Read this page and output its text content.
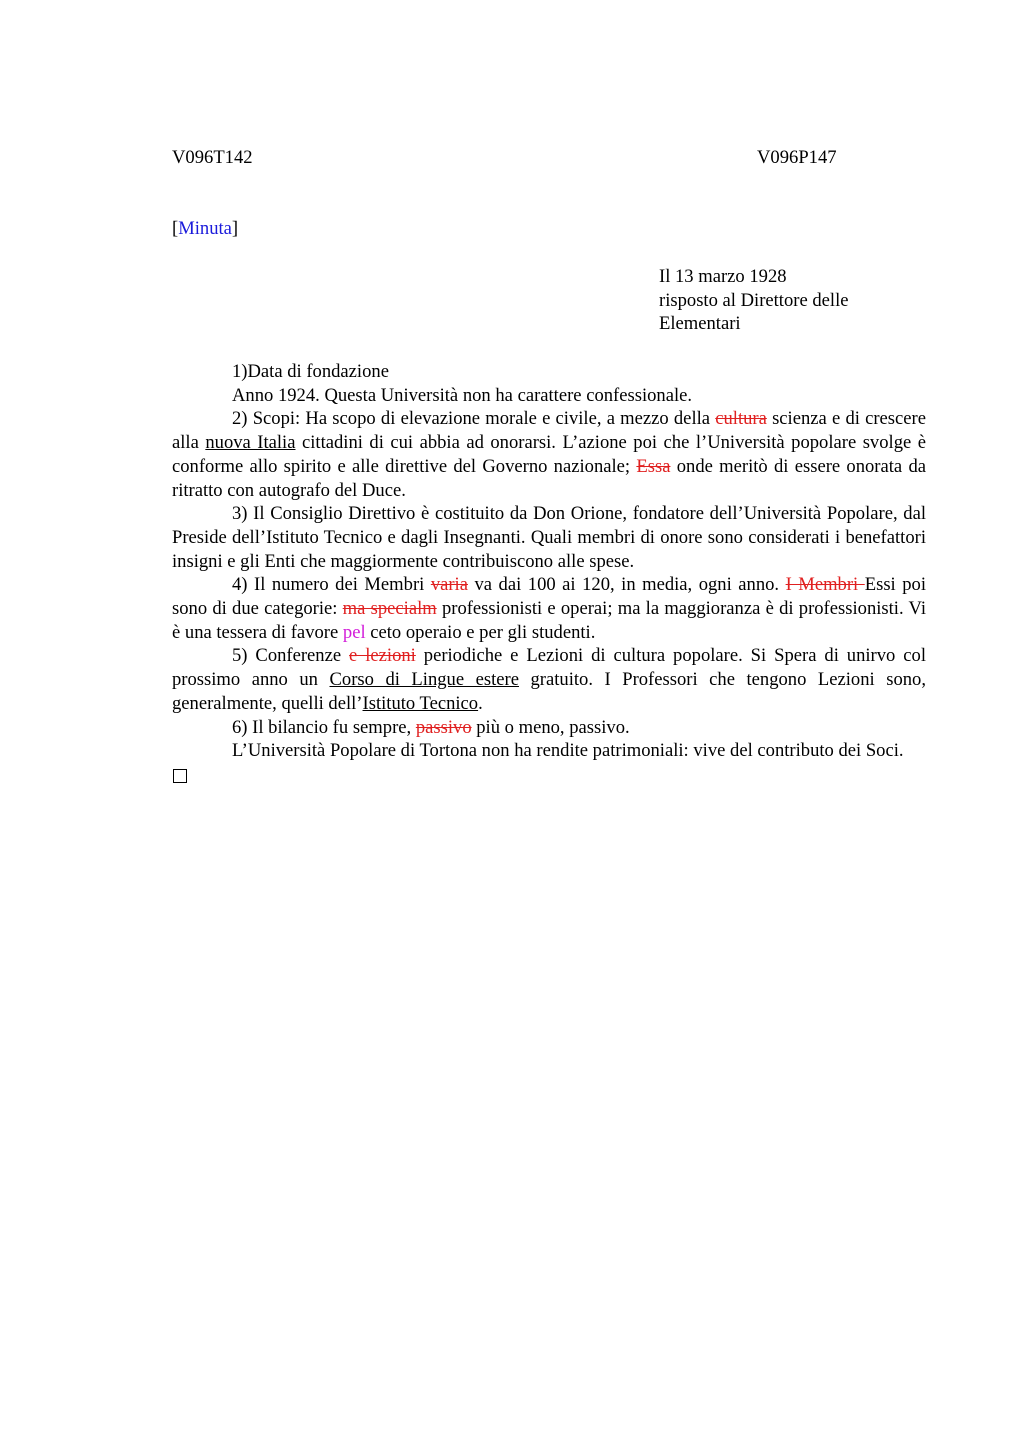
V096T142	V096P147
[Minuta]
Il 13 marzo 1928
risposto al Direttore delle
Elementari

1)Data di fondazione

Anno 1924. Questa Università non ha carattere confessionale.

2) Scopi: Ha scopo di elevazione morale e civile, a mezzo della cultura scienza e di crescere alla nuova Italia cittadini di cui abbia ad onorarsi. L’azione poi che l’Università popolare svolge è conforme allo spirito e alle direttive del Governo nazionale; Essa onde meritò di essere onorata da ritratto con autografo del Duce.

3) Il Consiglio Direttivo è costituito da Don Orione, fondatore dell’Università Popolare, dal Preside dell’Istituto Tecnico e dagli Insegnanti. Quali membri di onore sono considerati i benefattori insigni e gli Enti che maggiormente contribuiscono alle spese.

4) Il numero dei Membri varia va dai 100 ai 120, in media, ogni anno. I Membri Essi poi sono di due categorie: ma specialm professionisti e operai; ma la maggioranza è di professionisti. Vi è una tessera di favore pel ceto operaio e per gli studenti.

5) Conferenze e lezioni periodiche e Lezioni di cultura popolare. Si Spera di unirvo col prossimo anno un Corso di Lingue estere gratuito. I Professori che tengono Lezioni sono, generalmente, quelli dell’Istituto Tecnico.

6) Il bilancio fu sempre, passivo più o meno, passivo.

L’Università Popolare di Tortona non ha rendite patrimoniali: vive del contributo dei Soci.
